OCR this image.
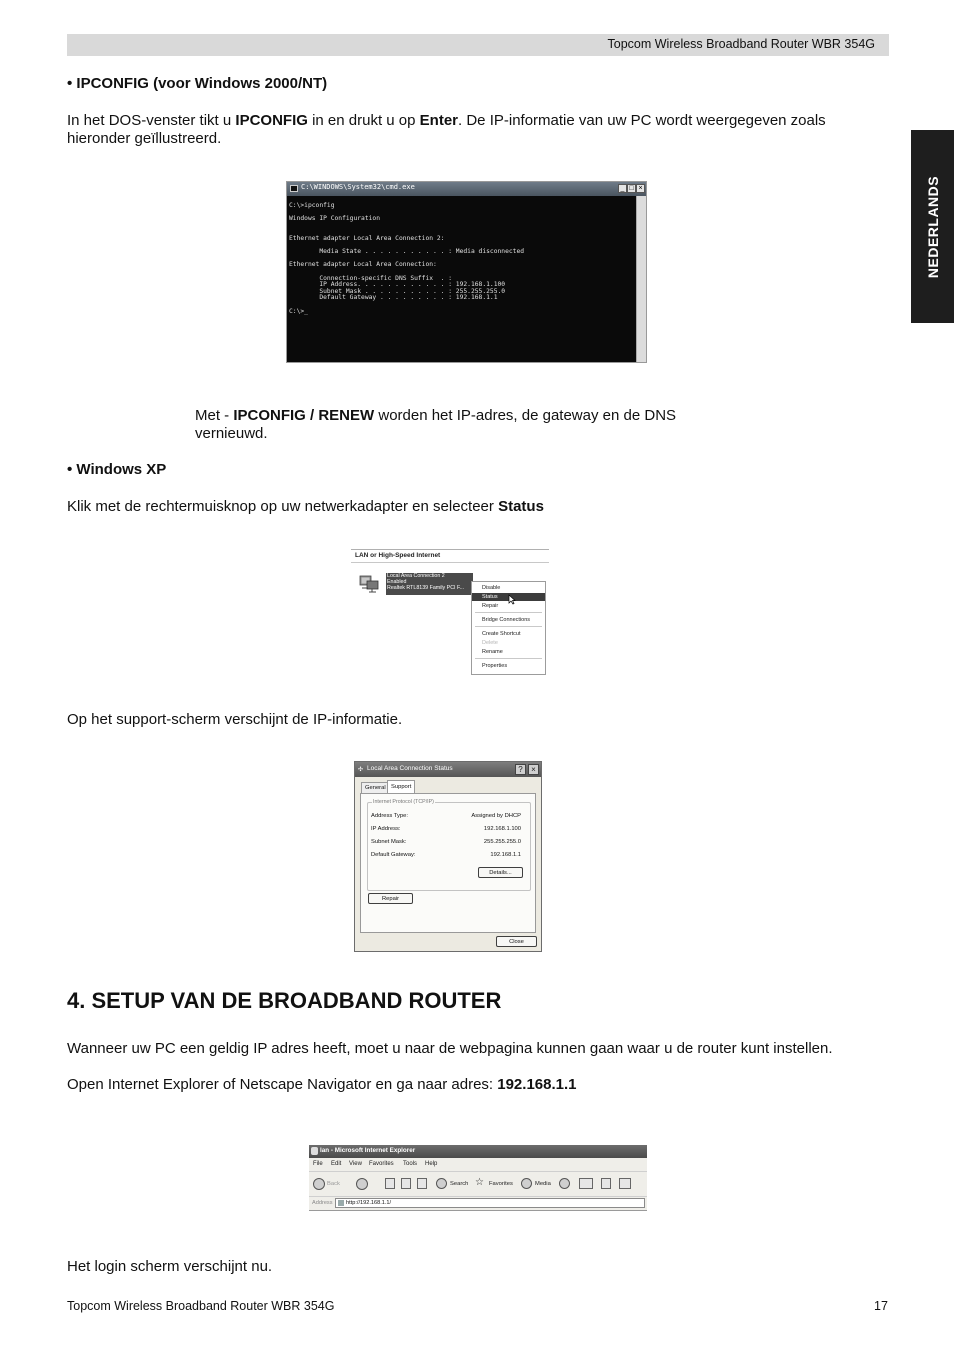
Topcom Wireless Broadband Router WBR 354G
NEDERLANDS
• IPCONFIG (voor Windows 2000/NT)
In het DOS-venster tikt u IPCONFIG in en drukt u op Enter. De IP-informatie van uw PC wordt weergegeven zoals hieronder geïllustreerd.
C:\WINDOWS\System32\cmd.exe	_ □ ×
C:\>ipconfig

Windows IP Configuration

Ethernet adapter Local Area Connection 2:

Media State . . . . . . . . . . . : Media disconnected

Ethernet adapter Local Area Connection:

Connection-specific DNS Suffix  . :
IP Address. . . . . . . . . . . . : 192.168.1.100
Subnet Mask . . . . . . . . . . . : 255.255.255.0
Default Gateway . . . . . . . . . : 192.168.1.1

C:\>_
Met - IPCONFIG / RENEW worden het IP-adres, de gateway en de DNS vernieuwd.
• Windows XP
Klik met de rechtermuisknop op uw netwerkadapter en selecteer Status
LAN or High-Speed Internet
Local Area Connection 2
Enabled
Realtek RTL8139 Family PCI F...	Disable
Status
Repair
Bridge Connections
Create Shortcut
Delete
Rename
Properties
Op het support-scherm verschijnt de IP-informatie.
✣ Local Area Connection Status	?	×
General Support
Internet Protocol (TCP/IP)
Address Type:	Assigned by DHCP
IP Address:	192.168.1.100
Subnet Mask:	255.255.255.0
Default Gateway:	192.168.1.1
Details...
Repair
Close
4. SETUP VAN DE BROADBAND ROUTER
Wanneer uw PC een geldig IP adres heeft, moet u naar de webpagina kunnen gaan waar u de router kunt instellen.
Open Internet Explorer of Netscape Navigator en ga naar adres: 192.168.1.1
lan - Microsoft Internet Explorer
File Edit View Favorites Tools Help
Back	Search ☆ Favorites	Media
Address http://192.168.1.1/
Het login scherm verschijnt nu.
Topcom Wireless Broadband Router WBR 354G	17
